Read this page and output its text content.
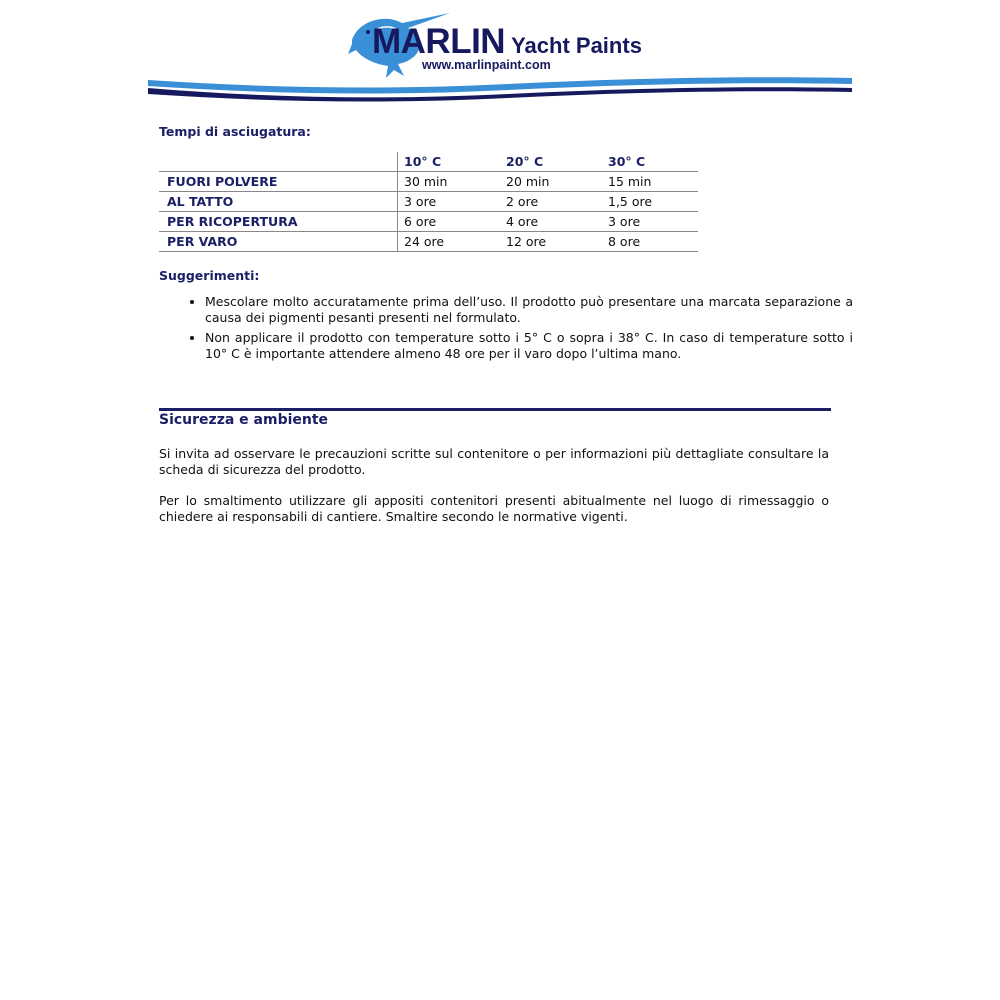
MARLIN Yacht Paints
www.marlinpaint.com
Tempi di asciugatura:
	10° C	20° C	30° C
FUORI POLVERE	30 min	20 min	15 min
AL TATTO	3 ore	2 ore	1,5 ore
PER RICOPERTURA	6 ore	4 ore	3 ore
PER VARO	24 ore	12 ore	8 ore
Suggerimenti:
• Mescolare molto accuratamente prima dell’uso. Il prodotto può presentare una marcata separazione a causa dei pigmenti pesanti presenti nel formulato.
• Non applicare il prodotto con temperature sotto i 5° C o sopra i 38° C. In caso di temperature sotto i 10° C è importante attendere almeno 48 ore per il varo dopo l’ultima mano.
Sicurezza e ambiente

Si invita ad osservare le precauzioni scritte sul contenitore o per informazioni più dettagliate consultare la scheda di sicurezza del prodotto.

Per lo smaltimento utilizzare gli appositi contenitori presenti abitualmente nel luogo di rimessaggio o chiedere ai responsabili di cantiere. Smaltire secondo le normative vigenti.
